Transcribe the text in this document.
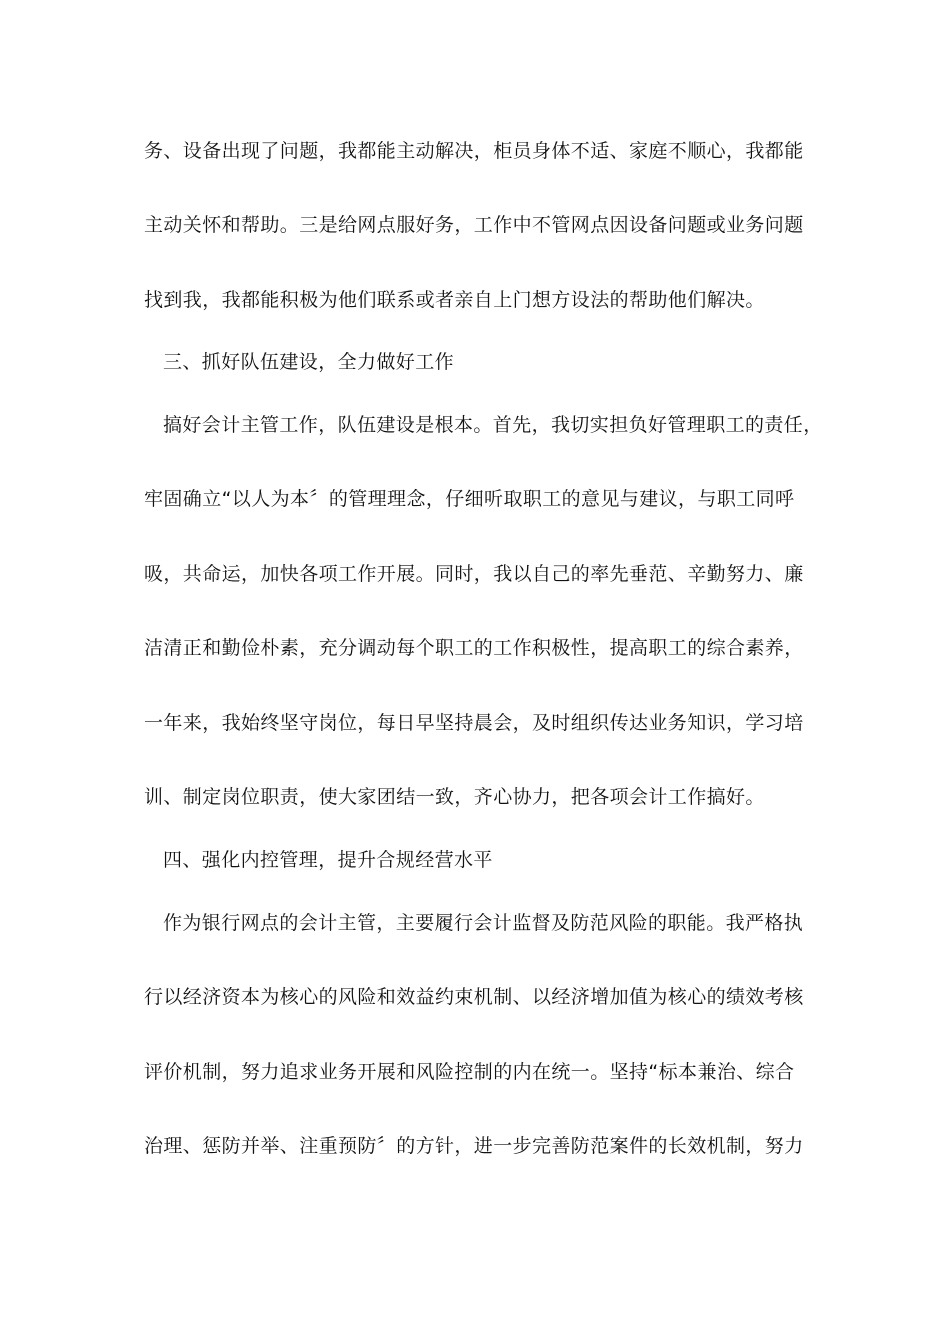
务、设备出现了问题，我都能主动解决，柜员身体不适、家庭不顺心，我都能
主动关怀和帮助。三是给网点服好务，工作中不管网点因设备问题或业务问题
找到我，我都能积极为他们联系或者亲自上门想方设法的帮助他们解决。
三、抓好队伍建设，全力做好工作
搞好会计主管工作，队伍建设是根本。首先，我切实担负好管理职工的责任，
牢固确立“以人为本〞的管理理念，仔细听取职工的意见与建议，与职工同呼
吸，共命运，加快各项工作开展。同时，我以自己的率先垂范、辛勤努力、廉
洁清正和勤俭朴素，充分调动每个职工的工作积极性，提高职工的综合素养，
一年来，我始终坚守岗位，每日早坚持晨会，及时组织传达业务知识，学习培
训、制定岗位职责，使大家团结一致，齐心协力，把各项会计工作搞好。
四、强化内控管理，提升合规经营水平
作为银行网点的会计主管，主要履行会计监督及防范风险的职能。我严格执
行以经济资本为核心的风险和效益约束机制、以经济增加值为核心的绩效考核
评价机制，努力追求业务开展和风险控制的内在统一。坚持“标本兼治、综合
治理、惩防并举、注重预防〞的方针，进一步完善防范案件的长效机制，努力
